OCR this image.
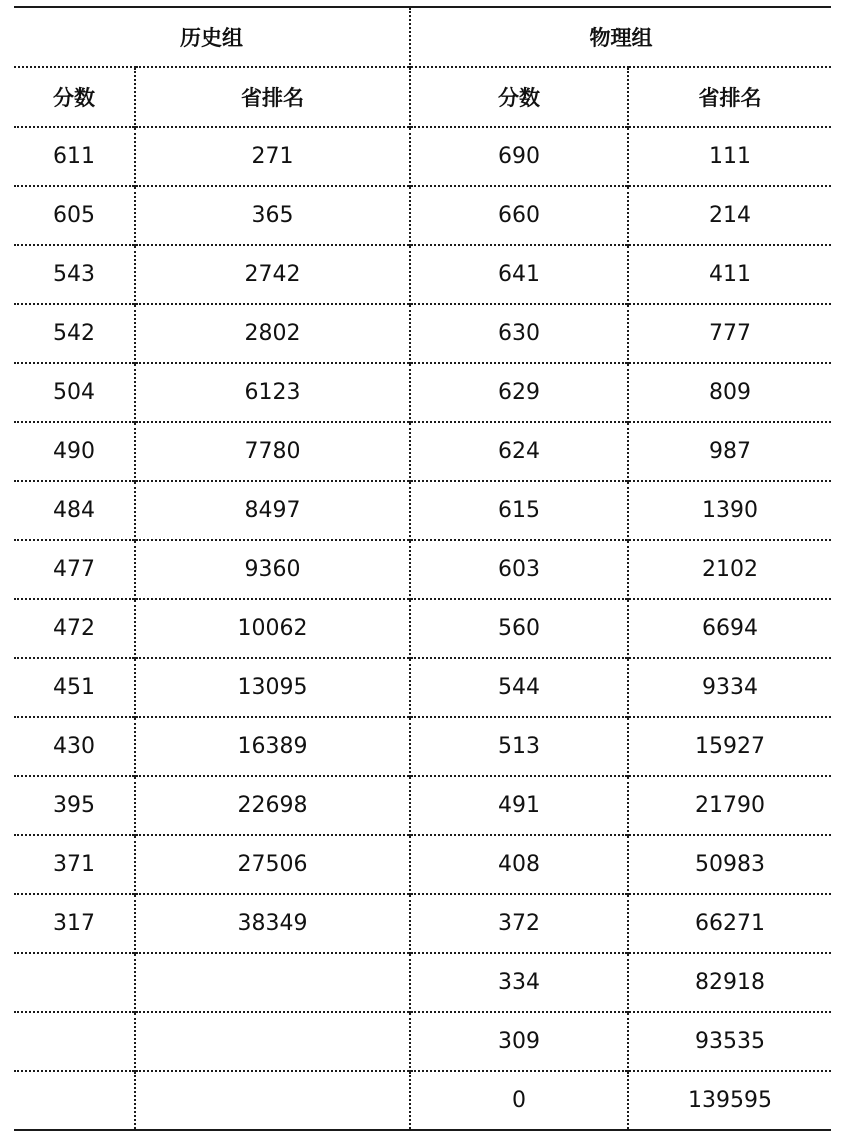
历史组		物理组	
分数	省排名	分数	省排名
611	271	690	111
605	365	660	214
543	2742	641	411
542	2802	630	777
504	6123	629	809
490	7780	624	987
484	8497	615	1390
477	9360	603	2102
472	10062	560	6694
451	13095	544	9334
430	16389	513	15927
395	22698	491	21790
371	27506	408	50983
317	38349	372	66271
		334	82918
		309	93535
		0	139595
